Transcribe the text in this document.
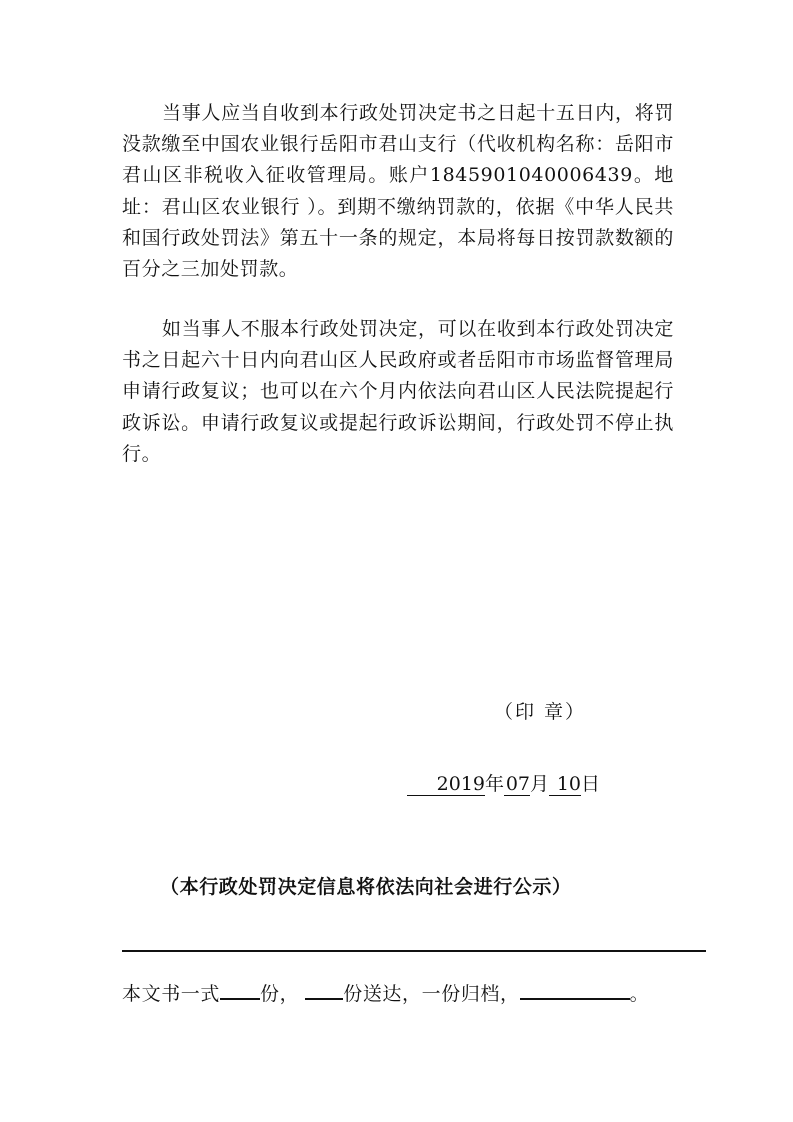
当事人应当自收到本行政处罚决定书之日起十五日内，将罚没款缴至中国农业银行岳阳市君山支行（代收机构名称：岳阳市君山区非税收入征收管理局。账户1845901040006439。地址：君山区农业银行 ）。到期不缴纳罚款的，依据《中华人民共和国行政处罚法》第五十一条的规定，本局将每日按罚款数额的百分之三加处罚款。

如当事人不服本行政处罚决定，可以在收到本行政处罚决定书之日起六十日内向君山区人民政府或者岳阳市市场监督管理局申请行政复议；也可以在六个月内依法向君山区人民法院提起行政诉讼。申请行政复议或提起行政诉讼期间，行政处罚不停止执行。

（印 章）
2019年07月 10日
（本行政处罚决定信息将依法向社会进行公示）
本文书一式 份， 份送达，一份归档，	。
